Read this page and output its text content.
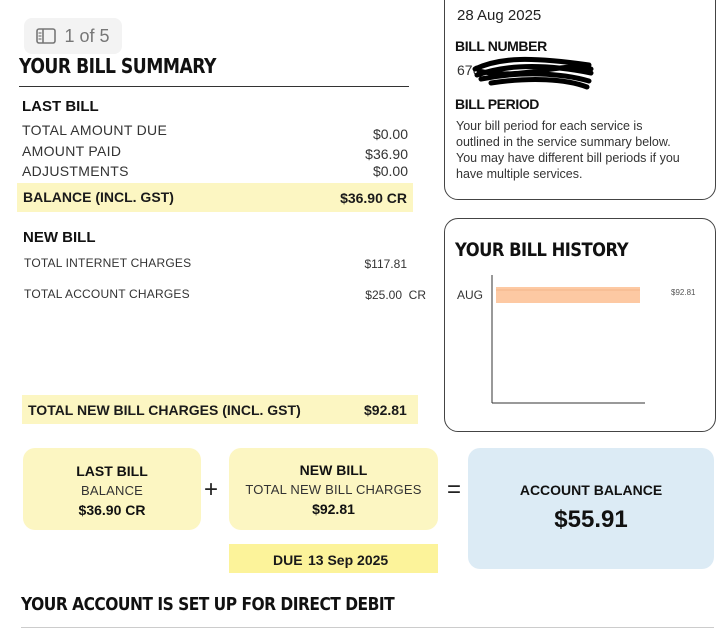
1 of 5
YOUR BILL SUMMARY
LAST BILL
TOTAL AMOUNT DUE	$0.00
AMOUNT PAID	$36.90
ADJUSTMENTS	$0.00
BALANCE (INCL. GST)	$36.90 CR
NEW BILL
TOTAL INTERNET CHARGES	$117.81
TOTAL ACCOUNT CHARGES	$25.00  CR
TOTAL NEW BILL CHARGES (INCL. GST)	$92.81
28 Aug 2025
BILL NUMBER
676
BILL PERIOD
Your bill period for each service is outlined in the service summary below. You may have different bill periods if you have multiple services.
YOUR BILL HISTORY
AUG	$92.81
LAST BILL
BALANCE
$36.90 CR
+
NEW BILL
TOTAL NEW BILL CHARGES
$92.81
=	ACCOUNT BALANCE
$55.91
DUE 13 Sep 2025
YOUR ACCOUNT IS SET UP FOR DIRECT DEBIT
